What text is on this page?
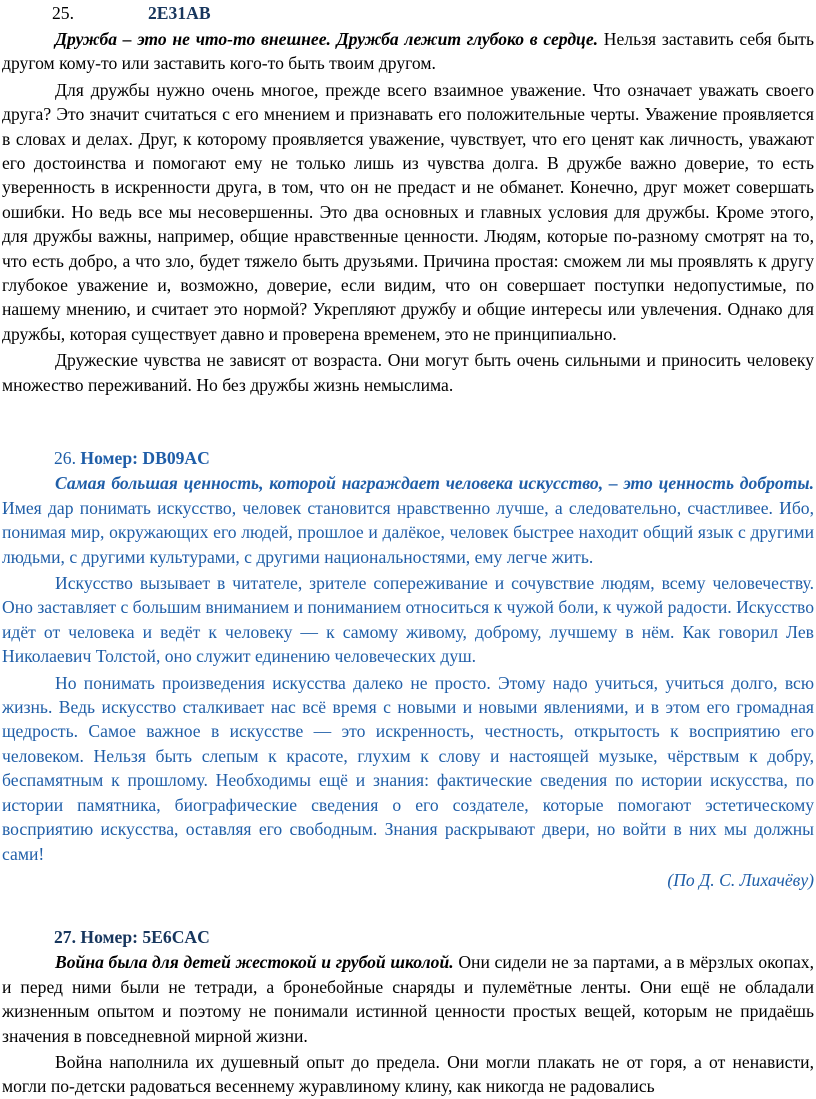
25.	2E31AB

Дружба – это не что-то внешнее. Дружба лежит глубоко в сердце. Нельзя заставить себя быть другом кому-то или заставить кого-то быть твоим другом.

Для дружбы нужно очень многое, прежде всего взаимное уважение. Что означает уважать своего друга? Это значит считаться с его мнением и признавать его положительные черты. Уважение проявляется в словах и делах. Друг, к которому проявляется уважение, чувствует, что его ценят как личность, уважают его достоинства и помогают ему не только лишь из чувства долга. В дружбе важно доверие, то есть уверенность в искренности друга, в том, что он не предаст и не обманет. Конечно, друг может совершать ошибки. Но ведь все мы несовершенны. Это два основных и главных условия для дружбы. Кроме этого, для дружбы важны, например, общие нравственные ценности. Людям, которые по-разному смотрят на то, что есть добро, а что зло, будет тяжело быть друзьями. Причина простая: сможем ли мы проявлять к другу глубокое уважение и, возможно, доверие, если видим, что он совершает поступки недопустимые, по нашему мнению, и считает это нормой? Укрепляют дружбу и общие интересы или увлечения. Однако для дружбы, которая существует давно и проверена временем, это не принципиально.

Дружеские чувства не зависят от возраста. Они могут быть очень сильными и приносить человеку множество переживаний. Но без дружбы жизнь немыслима.

26. Номер: DB09AC

Самая большая ценность, которой награждает человека искусство, – это ценность доброты. Имея дар понимать искусство, человек становится нравственно лучше, а следовательно, счастливее. Ибо, понимая мир, окружающих его людей, прошлое и далёкое, человек быстрее находит общий язык с другими людьми, с другими культурами, с другими национальностями, ему легче жить.

Искусство вызывает в читателе, зрителе сопереживание и сочувствие людям, всему человечеству. Оно заставляет с большим вниманием и пониманием относиться к чужой боли, к чужой радости. Искусство идёт от человека и ведёт к человеку — к самому живому, доброму, лучшему в нём. Как говорил Лев Николаевич Толстой, оно служит единению человеческих душ.

Но понимать произведения искусства далеко не просто. Этому надо учиться, учиться долго, всю жизнь. Ведь искусство сталкивает нас всё время с новыми и новыми явлениями, и в этом его громадная щедрость. Самое важное в искусстве — это искренность, честность, открытость к восприятию его человеком. Нельзя быть слепым к красоте, глухим к слову и настоящей музыке, чёрствым к добру, беспамятным к прошлому. Необходимы ещё и знания: фактические сведения по истории искусства, по истории памятника, биографические сведения о его создателе, которые помогают эстетическому восприятию искусства, оставляя его свободным. Знания раскрывают двери, но войти в них мы должны сами!

(По Д. С. Лихачёву)

27. Номер: 5E6CAC

Война была для детей жестокой и грубой школой. Они сидели не за партами, а в мёрзлых окопах, и перед ними были не тетради, а бронебойные снаряды и пулемётные ленты. Они ещё не обладали жизненным опытом и поэтому не понимали истинной ценности простых вещей, которым не придаёшь значения в повседневной мирной жизни.

Война наполнила их душевный опыт до предела. Они могли плакать не от горя, а от ненависти, могли по-детски радоваться весеннему журавлиному клину, как никогда не радовались
